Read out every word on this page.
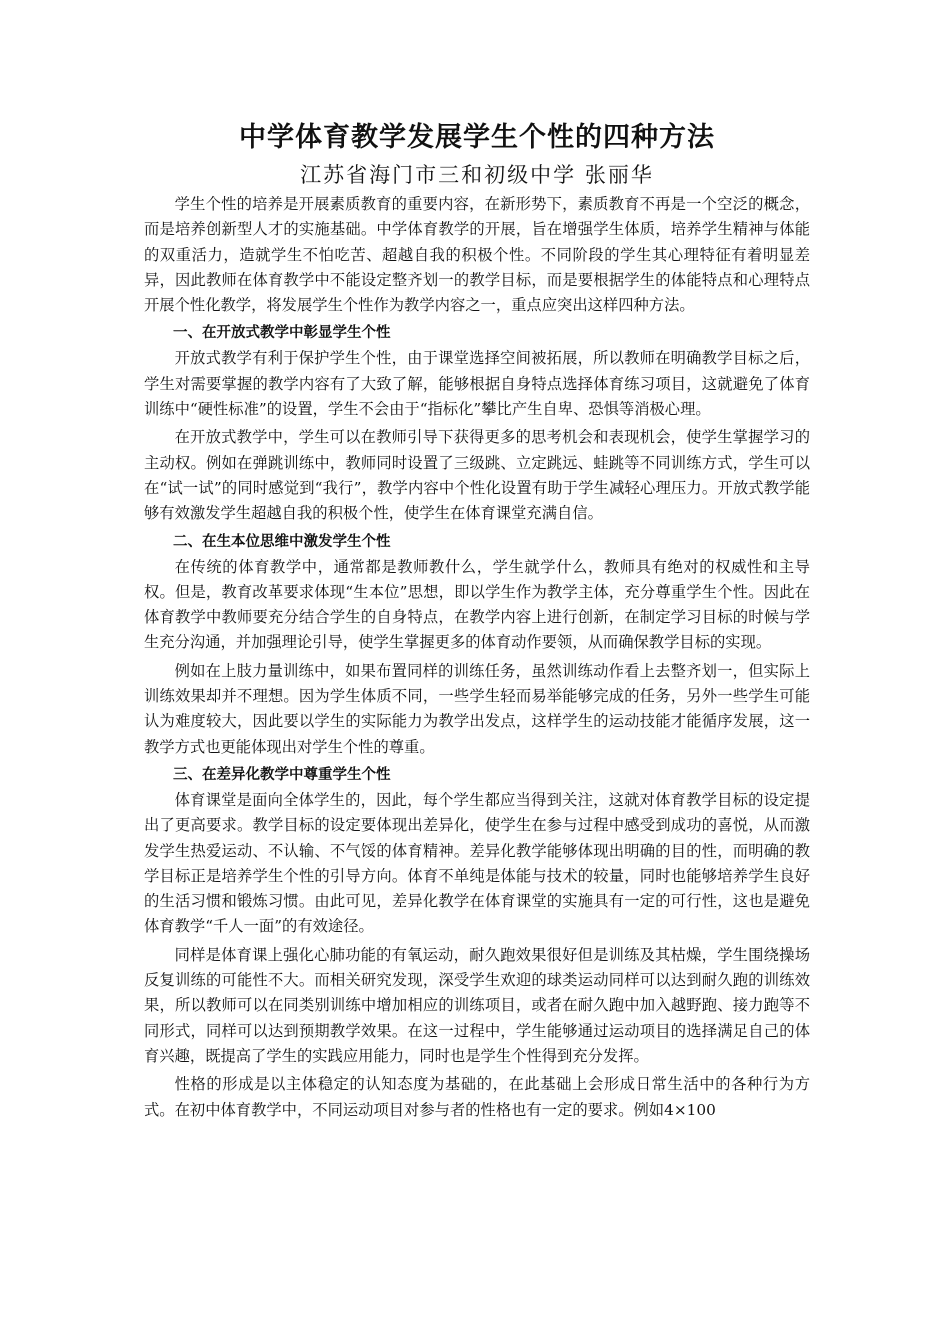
中学体育教学发展学生个性的四种方法

江苏省海门市三和初级中学 张丽华

学生个性的培养是开展素质教育的重要内容，在新形势下，素质教育不再是一个空泛的概念，而是培养创新型人才的实施基础。中学体育教学的开展，旨在增强学生体质，培养学生精神与体能的双重活力，造就学生不怕吃苦、超越自我的积极个性。不同阶段的学生其心理特征有着明显差异，因此教师在体育教学中不能设定整齐划一的教学目标，而是要根据学生的体能特点和心理特点开展个性化教学，将发展学生个性作为教学内容之一，重点应突出这样四种方法。

一、在开放式教学中彰显学生个性

开放式教学有利于保护学生个性，由于课堂选择空间被拓展，所以教师在明确教学目标之后，学生对需要掌握的教学内容有了大致了解，能够根据自身特点选择体育练习项目，这就避免了体育训练中“硬性标准”的设置，学生不会由于“指标化”攀比产生自卑、恐惧等消极心理。

在开放式教学中，学生可以在教师引导下获得更多的思考机会和表现机会，使学生掌握学习的主动权。例如在弹跳训练中，教师同时设置了三级跳、立定跳远、蛙跳等不同训练方式，学生可以在“试一试”的同时感觉到“我行”，教学内容中个性化设置有助于学生减轻心理压力。开放式教学能够有效激发学生超越自我的积极个性，使学生在体育课堂充满自信。

二、在生本位思维中激发学生个性

在传统的体育教学中，通常都是教师教什么，学生就学什么，教师具有绝对的权威性和主导权。但是，教育改革要求体现“生本位”思想，即以学生作为教学主体，充分尊重学生个性。因此在体育教学中教师要充分结合学生的自身特点，在教学内容上进行创新，在制定学习目标的时候与学生充分沟通，并加强理论引导，使学生掌握更多的体育动作要领，从而确保教学目标的实现。

例如在上肢力量训练中，如果布置同样的训练任务，虽然训练动作看上去整齐划一，但实际上训练效果却并不理想。因为学生体质不同，一些学生轻而易举能够完成的任务，另外一些学生可能认为难度较大，因此要以学生的实际能力为教学出发点，这样学生的运动技能才能循序发展，这一教学方式也更能体现出对学生个性的尊重。

三、在差异化教学中尊重学生个性

体育课堂是面向全体学生的，因此，每个学生都应当得到关注，这就对体育教学目标的设定提出了更高要求。教学目标的设定要体现出差异化，使学生在参与过程中感受到成功的喜悦，从而激发学生热爱运动、不认输、不气馁的体育精神。差异化教学能够体现出明确的目的性，而明确的教学目标正是培养学生个性的引导方向。体育不单纯是体能与技术的较量，同时也能够培养学生良好的生活习惯和锻炼习惯。由此可见，差异化教学在体育课堂的实施具有一定的可行性，这也是避免体育教学“千人一面”的有效途径。

同样是体育课上强化心肺功能的有氧运动，耐久跑效果很好但是训练及其枯燥，学生围绕操场反复训练的可能性不大。而相关研究发现，深受学生欢迎的球类运动同样可以达到耐久跑的训练效果，所以教师可以在同类别训练中增加相应的训练项目，或者在耐久跑中加入越野跑、接力跑等不同形式，同样可以达到预期教学效果。在这一过程中，学生能够通过运动项目的选择满足自己的体育兴趣，既提高了学生的实践应用能力，同时也是学生个性得到充分发挥。

性格的形成是以主体稳定的认知态度为基础的，在此基础上会形成日常生活中的各种行为方式。在初中体育教学中，不同运动项目对参与者的性格也有一定的要求。例如4×100
